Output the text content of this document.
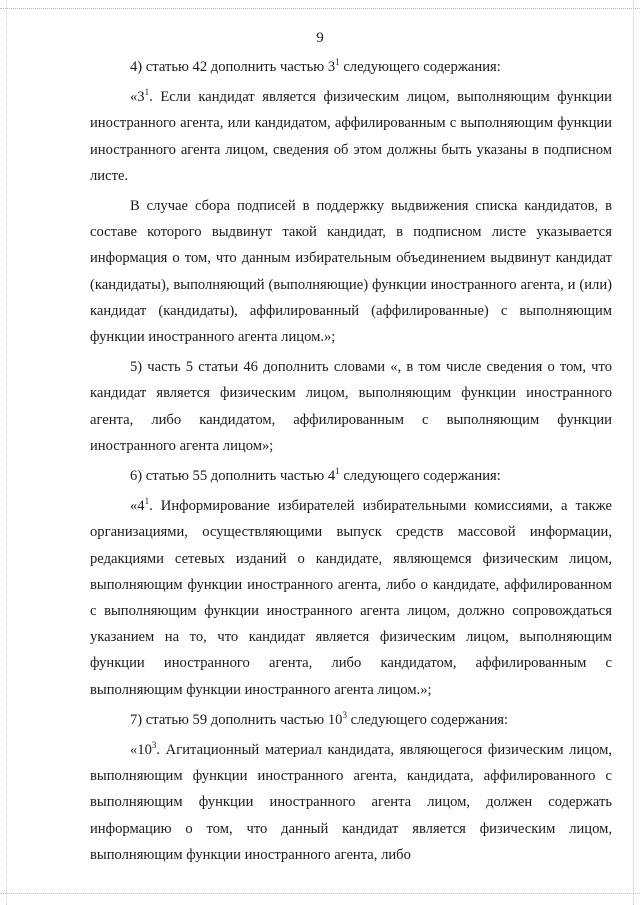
9

4) статью 42 дополнить частью $3^1$ следующего содержания:

«$3^1$. Если кандидат является физическим лицом, выполняющим функции иностранного агента, или кандидатом, аффилированным с выполняющим функции иностранного агента лицом, сведения об этом должны быть указаны в подписном листе.

В случае сбора подписей в поддержку выдвижения списка кандидатов, в составе которого выдвинут такой кандидат, в подписном листе указывается информация о том, что данным избирательным объединением выдвинут кандидат (кандидаты), выполняющий (выполняющие) функции иностранного агента, и (или) кандидат (кандидаты), аффилированный (аффилированные) с выполняющим функции иностранного агента лицом.»;

5) часть 5 статьи 46 дополнить словами «, в том числе сведения о том, что кандидат является физическим лицом, выполняющим функции иностранного агента, либо кандидатом, аффилированным с выполняющим функции иностранного агента лицом»;

6) статью 55 дополнить частью $4^1$ следующего содержания:

«$4^1$. Информирование избирателей избирательными комиссиями, а также организациями, осуществляющими выпуск средств массовой информации, редакциями сетевых изданий о кандидате, являющемся физическим лицом, выполняющим функции иностранного агента, либо о кандидате, аффилированном с выполняющим функции иностранного агента лицом, должно сопровождаться указанием на то, что кандидат является физическим лицом, выполняющим функции иностранного агента, либо кандидатом, аффилированным с выполняющим функции иностранного агента лицом.»;

7) статью 59 дополнить частью $10^3$ следующего содержания:

«$10^3$. Агитационный материал кандидата, являющегося физическим лицом, выполняющим функции иностранного агента, кандидата, аффилированного с выполняющим функции иностранного агента лицом, должен содержать информацию о том, что данный кандидат является физическим лицом, выполняющим функции иностранного агента, либо
